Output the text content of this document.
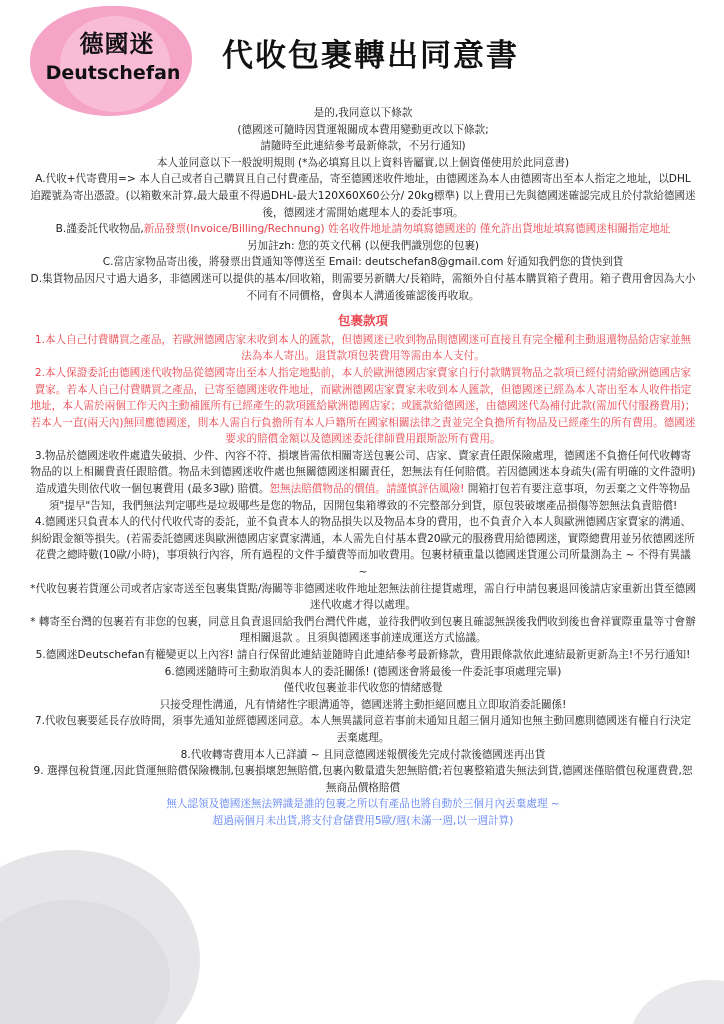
德國迷
Deutschefan 代收包裹轉出同意書

是的,我同意以下條款

(德國迷可隨時因貨運報關成本費用變動更改以下條款;

請隨時至此連結參考最新條款，不另行通知)

本人並同意以下一般說明規則 (*為必填寫且以上資料皆屬實,以上個資僅使用於此同意書)

A.代收+代寄費用=> 本人自己或者自己購買且自己付費產品，寄至德國迷收件地址，由德國迷為本人由德國寄出至本人指定之地址，以DHL追蹤號為寄出憑證。(以箱數來計算,最大最重不得過DHL-最大120X60X60公分/ 20kg標準) 以上費用已先與德國迷確認完成且於付款給德國迷後，德國迷才需開始處理本人的委託事項。

B.謹委託代收物品,新品發票(Invoice/Billing/Rechnung) 姓名收件地址請勿填寫德國迷的 僅允許出貨地址填寫德國迷相關指定地址

另加註zh: 您的英文代稱 (以便我們識別您的包裹)

C.當店家物品寄出後，將發票出貨通知等傳送至 Email: deutschefan8@gmail.com 好通知我們您的貨快到貨

D.集貨物品因尺寸過大過多，非德國迷可以提供的基本/回收箱，則需要另新購大/長箱時，需額外自付基本購買箱子費用。箱子費用會因為大小不同有不同價格，會與本人溝通後確認後再收取。

包裹款項

1.本人自己付費購買之產品，若歐洲德國店家未收到本人的匯款，但德國迷已收到物品則德國迷可直接且有完全權利主動退還物品給店家並無法為本人寄出。退貨款項包裝費用等需由本人支付。

2.本人保證委託由德國迷代收物品從德國寄出至本人指定地點前，本人於歐洲德國店家賣家自行付款購買物品之款項已經付清給歐洲德國店家賣家。若本人自己付費購買之產品，已寄至德國迷收件地址，而歐洲德國店家賣家未收到本人匯款，但德國迷已經為本人寄出至本人收件指定地址，本人需於兩個工作天內主動補匯所有已經產生的款項匯給歐洲德國店家；或匯款給德國迷，由德國迷代為補付此款(需加代付服務費用)；若本人一直(兩天內)無回應德國迷，則本人需自行負擔所有本人戶籍所在國家相關法律之責並完全負擔所有物品及已經產生的所有費用。德國迷要求的賠償金額以及德國迷委託律師費用跟斯訟所有費用。

3.物品於德國迷收件處遺失破損、少件、內容不符、損壞皆需依相關寄送包裹公司、店家、賣家責任跟保險處理，德國迷不負擔任何代收轉寄物品的以上相關費責任跟賠償。物品未到德國迷收件處也無關德國迷相關責任，恕無法有任何賠償。若因德國迷本身疏失(需有明確的文件證明)造成遺失則依代收一個包裹費用 (最多3歐) 賠償。恕無法賠償物品的價值。請謹慎評估風險! 開箱打包若有要注意事項，勿丟棄之文件等物品須"提早"告知，我們無法判定哪些是垃圾哪些是您的物品，因開包集箱導致的不完整部分到貨，原包裝破壞產品損傷等恕無法負責賠償!

4.德國迷只負責本人的代付代收代寄的委託，並不負責本人的物品損失以及物品本身的費用，也不負責介入本人與歐洲德國店家賣家的溝通、糾紛跟金額等損失。(若需委託德國迷與歐洲德國店家賣家溝通，本人需先自付基本費20歐元的服務費用給德國迷，實際總費用並另依德國迷所花費之總時數(10歐/小時)，事項執行內容，所有過程的文件手續費等而加收費用。包裹材積重量以德國迷貨運公司所量測為主 ~ 不得有異議 ~

*代收包裹若貨運公司或者店家寄送至包裹集貨點/海關等非德國迷收件地址恕無法前往提貨處理，需自行申請包裹退回後請店家重新出貨至德國迷代收處才得以處理。

* 轉寄至台灣的包裹若有非您的包裹，同意且負責退回給我們台灣代件處，並待我們收到包裹且確認無誤後我們收到後也會祥實際重量等寸會辦理相關退款 。且須與德國迷事前達成運送方式協議。

5.德國迷Deutschefan有權變更以上內容! 請自行保留此連結並隨時自此連結參考最新條款，費用跟條款依此連結最新更新為主!不另行通知!

6.德國迷隨時可主動取消與本人的委託關係! (德國迷會將最後一件委託事項處理完畢)

僅代收包裹並非代收您的情緒感覺

只接受理性溝通，凡有情緒性字眼溝通等，德國迷將主動拒絕回應且立即取消委託關係!

7.代收包裹要延長存放時間，須事先通知並經德國迷同意。本人無異議同意若事前未通知且超三個月通知也無主動回應則德國迷有權自行決定丟棄處理。

8.代收轉寄費用本人已詳讀 ~ 且同意德國迷報價後先完成付款後德國迷再出貨

9. 選擇包稅貨運,因此貨運無賠償保險機制,包裹損壞恕無賠償,包裹內數量遺失恕無賠償;若包裹整箱遺失無法到貨,德國迷僅賠償包稅運費費,恕無商品價格賠償

無人認領及德國迷無法辨識是誰的包裹之所以有產品也將自動於三個月內丟棄處理 ~

超過兩個月未出貨,將支付倉儲費用5歐/週(未滿一週,以一週計算)
